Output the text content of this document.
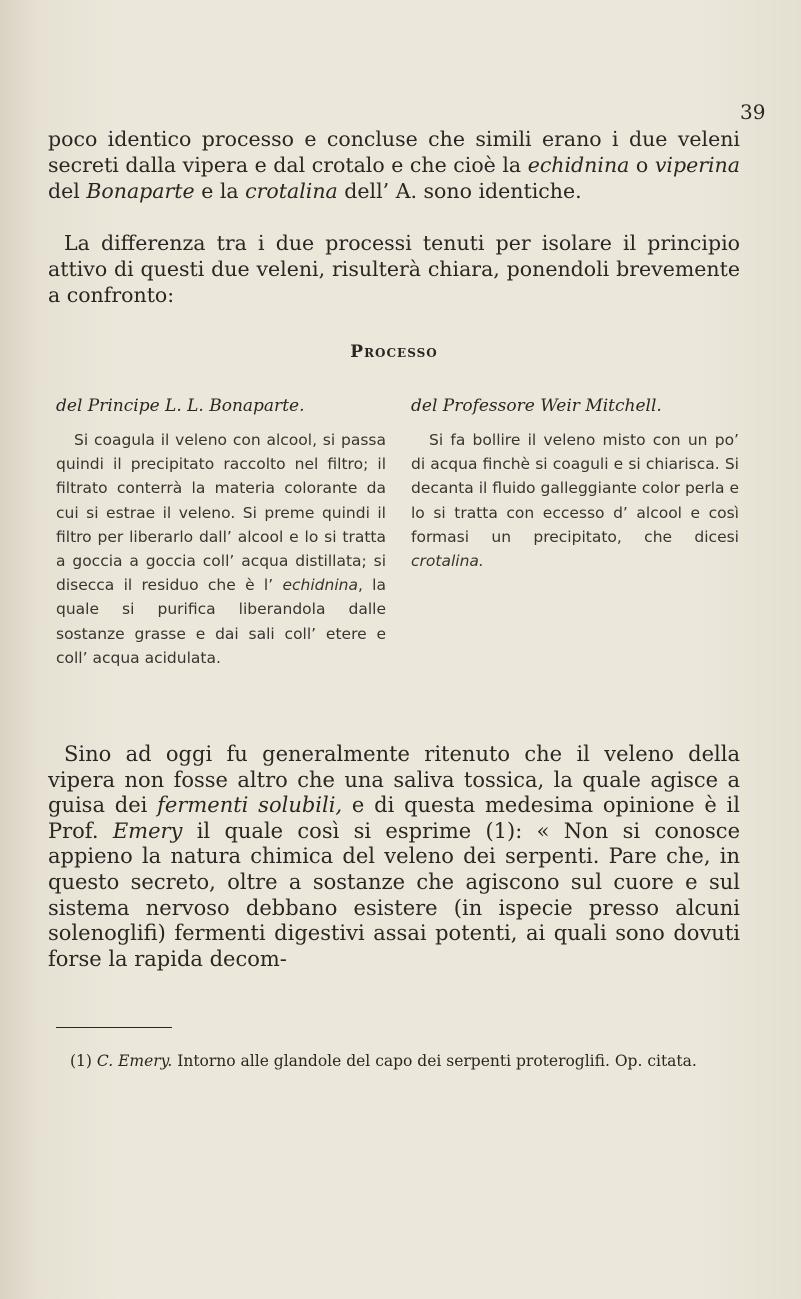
39

poco identico processo e concluse che simili erano i due veleni secreti dalla vipera e dal crotalo e che cioè la echidnina o viperina del Bonaparte e la crotalina dell’ A. sono identiche.

La differenza tra i due processi tenuti per isolare il principio attivo di questi due veleni, risulterà chiara, ponendoli brevemente a confronto:

Processo

del Principe L. L. Bonaparte.	del Professore Weir Mitchell.

Si coagula il veleno con alcool, si passa quindi il precipitato raccolto nel filtro; il filtrato conterrà la materia colorante da cui si estrae il veleno. Si preme quindi il filtro per liberarlo dall’ alcool e lo si tratta a goccia a goccia coll’ acqua distillata; si disecca il residuo che è l’ echidnina, la quale si purifica liberandola dalle sostanze grasse e dai sali coll’ etere e coll’ acqua acidulata.

Si fa bollire il veleno misto con un po’ di acqua finchè si coaguli e si chiarisca. Si decanta il fluido galleggiante color perla e lo si tratta con eccesso d’ alcool e così formasi un precipitato, che dicesi crotalina.

Sino ad oggi fu generalmente ritenuto che il veleno della vipera non fosse altro che una saliva tossica, la quale agisce a guisa dei fermenti solubili, e di questa medesima opinione è il Prof. Emery il quale così si esprime (1): « Non si conosce appieno la natura chimica del veleno dei serpenti. Pare che, in questo secreto, oltre a sostanze che agiscono sul cuore e sul sistema nervoso debbano esistere (in ispecie presso alcuni solenoglifi) fermenti digestivi assai potenti, ai quali sono dovuti forse la rapida decom-

(1) C. Emery. Intorno alle glandole del capo dei serpenti proteroglifi. Op. citata.
